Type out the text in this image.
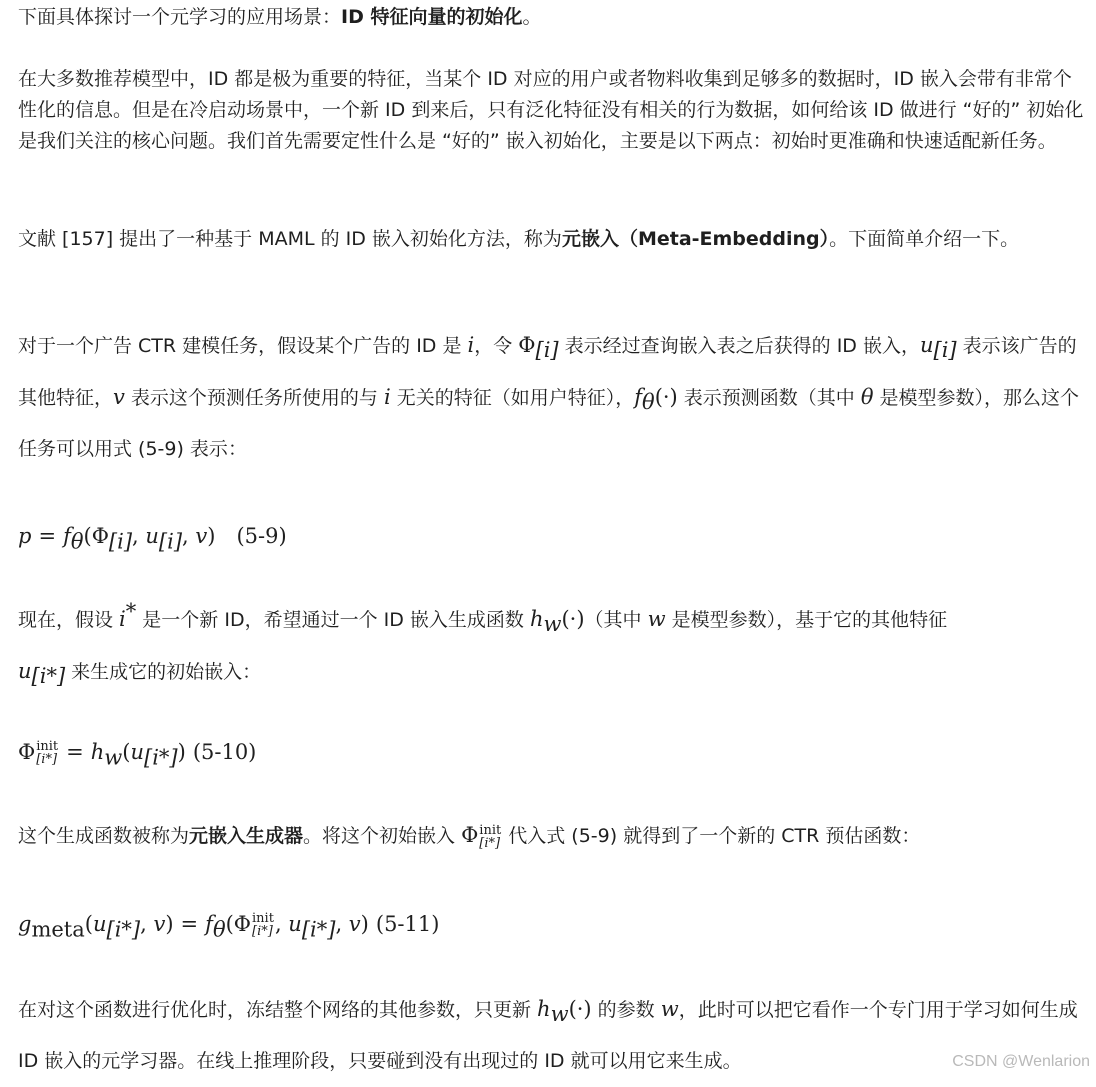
下面具体探讨一个元学习的应用场景：ID 特征向量的初始化。

在大多数推荐模型中，ID 都是极为重要的特征，当某个 ID 对应的用户或者物料收集到足够多的数据时，ID 嵌入会带有非常个性化的信息。但是在冷启动场景中，一个新 ID 到来后，只有泛化特征没有相关的行为数据，如何给该 ID 做进行 “好的” 初始化是我们关注的核心问题。我们首先需要定性什么是 “好的” 嵌入初始化，主要是以下两点：初始时更准确和快速适配新任务。

文献 [157] 提出了一种基于 MAML 的 ID 嵌入初始化方法，称为元嵌入（Meta-Embedding）。下面简单介绍一下。

对于一个广告 CTR 建模任务，假设某个广告的 ID 是 i，令 $\Phi_{[i]}$ 表示经过查询嵌入表之后获得的 ID 嵌入，$u_{[i]}$ 表示该广告的其他特征，v 表示这个预测任务所使用的与 i 无关的特征（如用户特征），$f_\theta(\cdot)$ 表示预测函数（其中 θ 是模型参数），那么这个任务可以用式 (5-9) 表示：

$p = f_\theta(\Phi_{[i]}$, $u_{[i]}$, v) (5-9)

现在，假设 i* 是一个新 ID，希望通过一个 ID 嵌入生成函数 $h_w(\cdot)$（其中 w 是模型参数），基于它的其他特征
$u_{[i*]}$ 来生成它的初始嵌入：

Φ init
$[i*] = h_w(u_{[i*]})$ (5-10)
这个生成函数被称为元嵌入生成器。将这个初始嵌入 Φ init
[i*] 代入式 (5-9) 就得到了一个新的 CTR 预估函数：
$g_{meta}(u_{[i*]}$, $v) = f_\theta(\Phi$ init
[i*] , $u_{[i*]}$, v) (5-11)

在对这个函数进行优化时，冻结整个网络的其他参数，只更新 $h_w(\cdot)$ 的参数 w，此时可以把它看作一个专门用于学习如何生成 ID 嵌入的元学习器。在线上推理阶段，只要碰到没有出现过的 ID 就可以用它来生成。	CSDN @Wenlarion
